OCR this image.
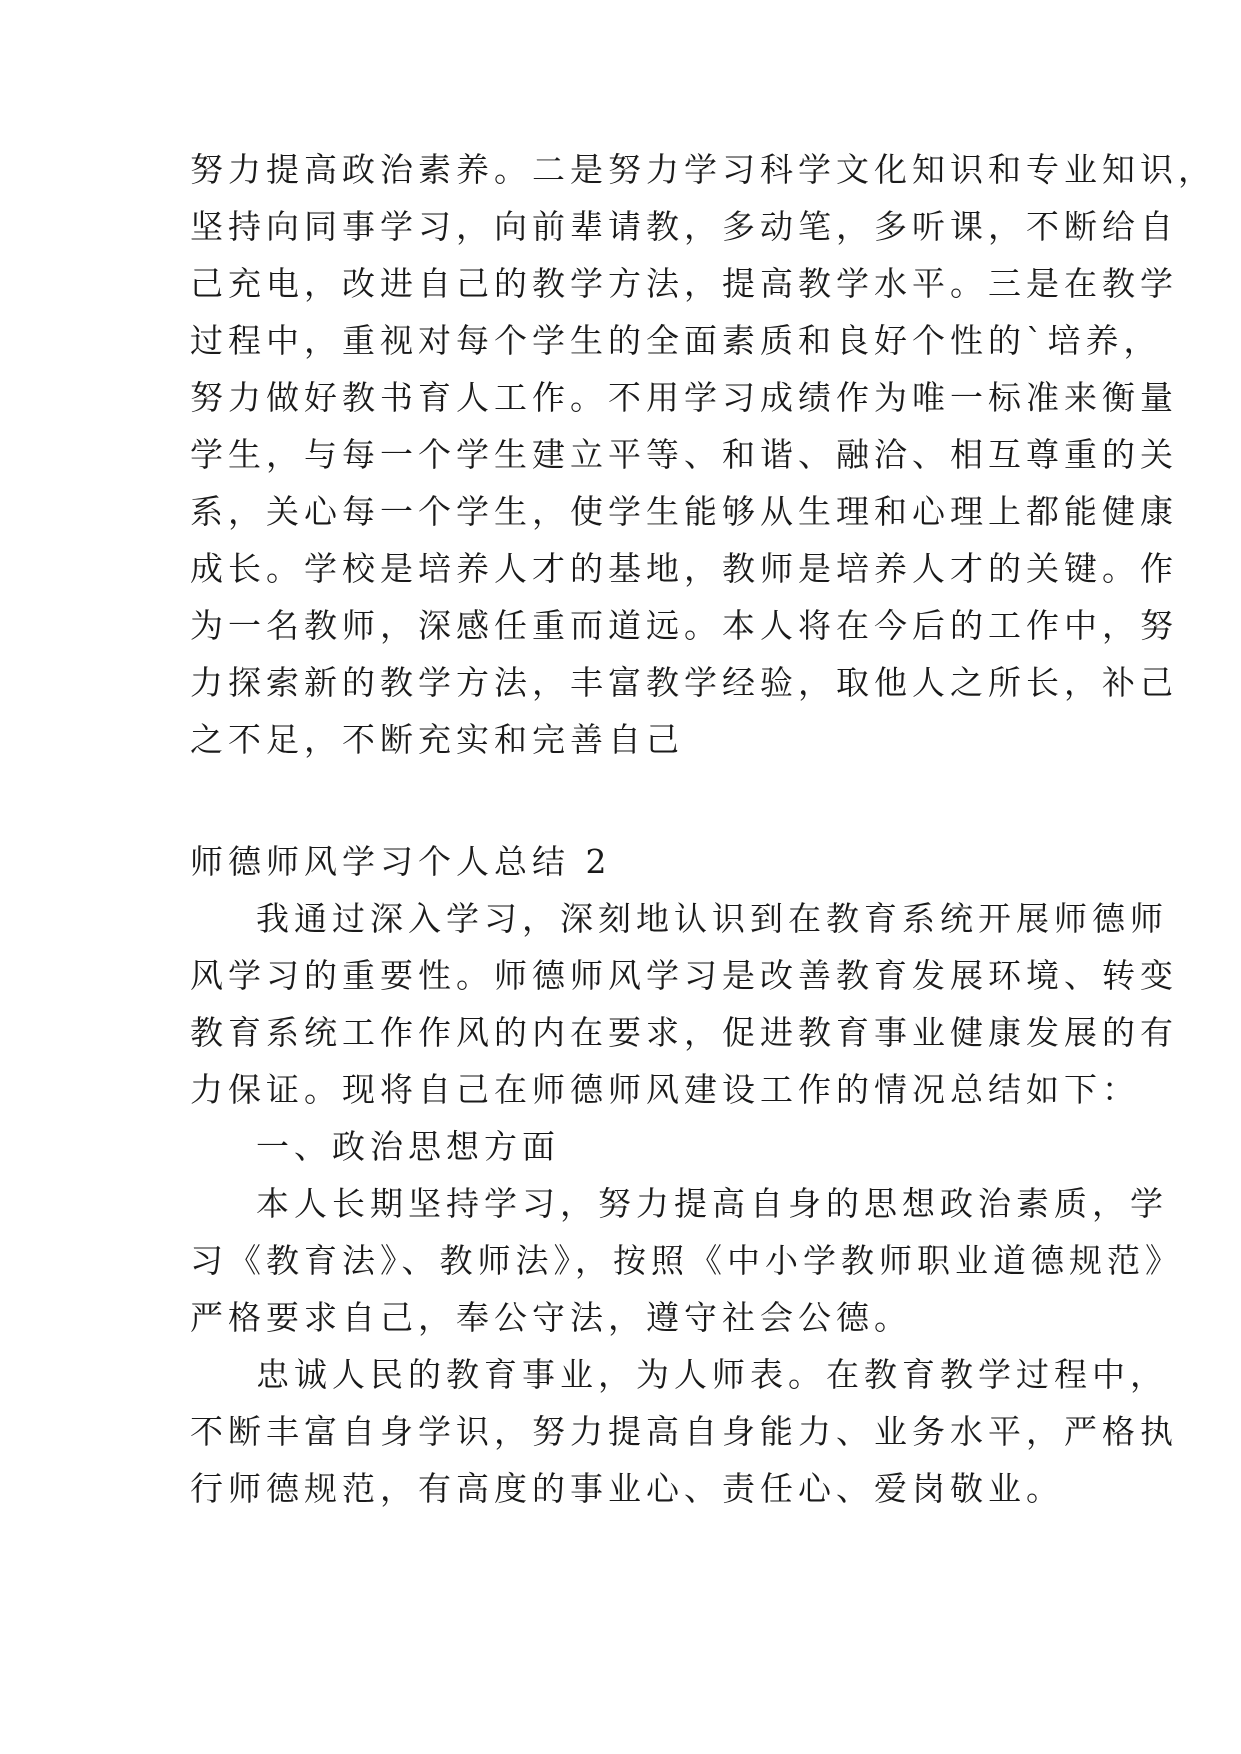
努力提高政治素养。二是努力学习科学文化知识和专业知识，
坚持向同事学习，向前辈请教，多动笔，多听课，不断给自
己充电，改进自己的教学方法，提高教学水平。三是在教学
过程中，重视对每个学生的全面素质和良好个性的`培养，
努力做好教书育人工作。不用学习成绩作为唯一标准来衡量
学生，与每一个学生建立平等、和谐、融洽、相互尊重的关
系，关心每一个学生，使学生能够从生理和心理上都能健康
成长。学校是培养人才的基地，教师是培养人才的关键。作
为一名教师，深感任重而道远。本人将在今后的工作中，努
力探索新的教学方法，丰富教学经验，取他人之所长，补己
之不足，不断充实和完善自己
师德师风学习个人总结 2
我通过深入学习，深刻地认识到在教育系统开展师德师
风学习的重要性。师德师风学习是改善教育发展环境、转变
教育系统工作作风的内在要求，促进教育事业健康发展的有
力保证。现将自己在师德师风建设工作的情况总结如下：
一、政治思想方面
本人长期坚持学习，努力提高自身的思想政治素质，学
习《教育法》、教师法》，按照《中小学教师职业道德规范》
严格要求自己，奉公守法，遵守社会公德。
忠诚人民的教育事业，为人师表。在教育教学过程中，
不断丰富自身学识，努力提高自身能力、业务水平，严格执
行师德规范，有高度的事业心、责任心、爱岗敬业。
